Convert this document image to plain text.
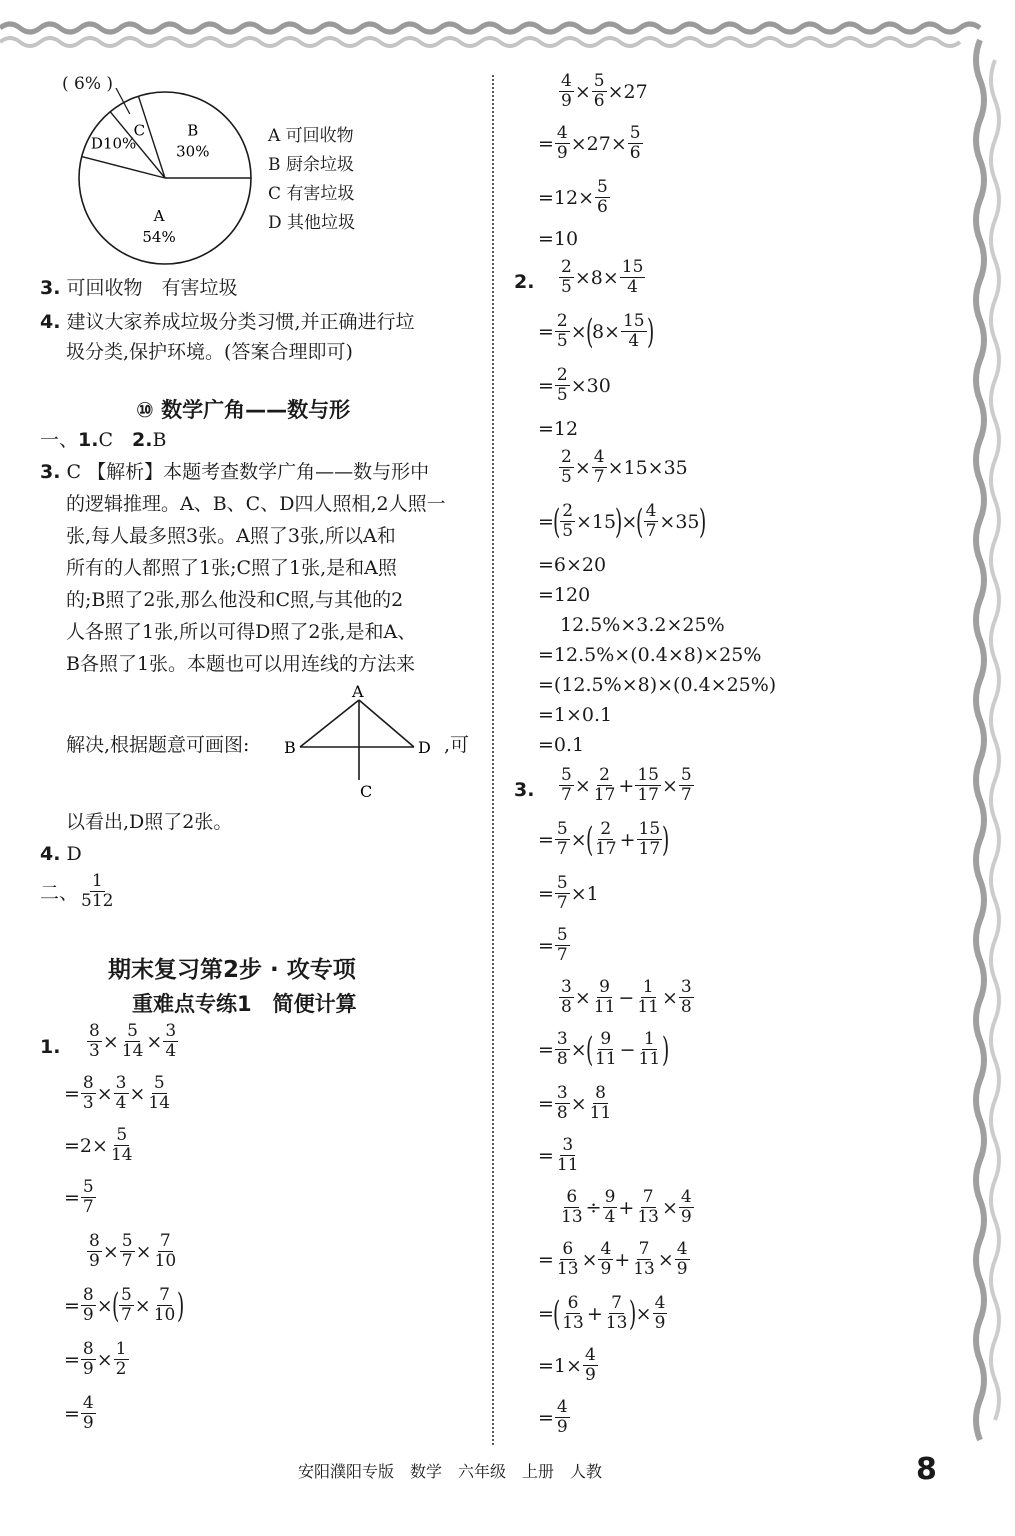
( 6% )
A
54%
D10%
C	B
30%
A 可回收物
B 厨余垃圾
C 有害垃圾
D 其他垃圾
3. 可回收物　有害垃圾
4. 建议大家养成垃圾分类习惯,并正确进行垃
圾分类,保护环境。(答案合理即可)
⑩ 数学广角——数与形
一、1.C　 2.B
3. C 【解析】本题考查数学广角——数与形中
的逻辑推理。A、B、C、D四人照相,2人照一
张,每人最多照3张。A照了3张,所以A和
所有的人都照了1张;C照了1张,是和A照
的;B照了2张,那么他没和C照,与其他的2
人各照了1张,所以可得D照了2张,是和A、
B各照了1张。本题也可以用连线的方法来
解决,根据题意可画图:
A
B	D
C
,可
以看出,D照了2张。
4. D
二、 $\frac{1}{512}$
期末复习第2步 · 攻专项
重难点专练1　简便计算
1. $\frac{8}{3} \times \frac{5}{14} \times \frac{3}{4}$
= $\frac{8}{3} \times \frac{3}{4} \times \frac{5}{14}$
$=2\times \frac{5}{14}$
= $\frac{5}{7}$
$\frac{8}{9} \times \frac{5}{7} \times \frac{7}{10}$
= $\frac{8}{9}$ ×
( $\frac{5}{7} \times \frac{7}{10}$ )
= $\frac{8}{9} \times \frac{1}{2}$
= $\frac{4}{9}$
$\frac{4}{9} \times \frac{5}{6} \times 27$
= $\frac{4}{9} \times 27\times \frac{5}{6}$
$=12\times \frac{5}{6}$
=10
2. $\frac{2}{5} \times 8\times \frac{15}{4}$
= $\frac{2}{5}$ ×
(
$8\times \frac{15}{4}$ )
= $\frac{2}{5} \times 30$
=12
$\frac{2}{5} \times \frac{4}{7} \times 15\times 35$
=
( $\frac{2}{5} \times 15$
)
×
( $\frac{4}{7} \times 35$
)
=6×20
=120
12.5%×3.2×25%
=12.5%×(0.4×8)×25%
=(12.5%×8)×(0.4×25%)
=1×0.1
=0.1
3. $\frac{5}{7} \times \frac{2}{17} + \frac{15}{17} \times \frac{5}{7}$
= $\frac{5}{7}$ ×
( $\frac{2}{17} + \frac{15}{17}$ )
= $\frac{5}{7} \times 1$
= $\frac{5}{7}$
$\frac{3}{8} \times \frac{9}{11} - \frac{1}{11} \times \frac{3}{8}$
= $\frac{3}{8}$ ×
( $\frac{9}{11} - \frac{1}{11}$ )
= $\frac{3}{8} \times \frac{8}{11}$
= $\frac{3}{11}$
$\frac{6}{13} \div \frac{9}{4} + \frac{7}{13} \times \frac{4}{9}$
= $\frac{6}{13} \times \frac{4}{9} + \frac{7}{13} \times \frac{4}{9}$
=
( $\frac{6}{13} + \frac{7}{13}$ )
× $\frac{4}{9}$
$=1\times \frac{4}{9}$
= $\frac{4}{9}$
安阳濮阳专版　数学　六年级　上册　人教	8
